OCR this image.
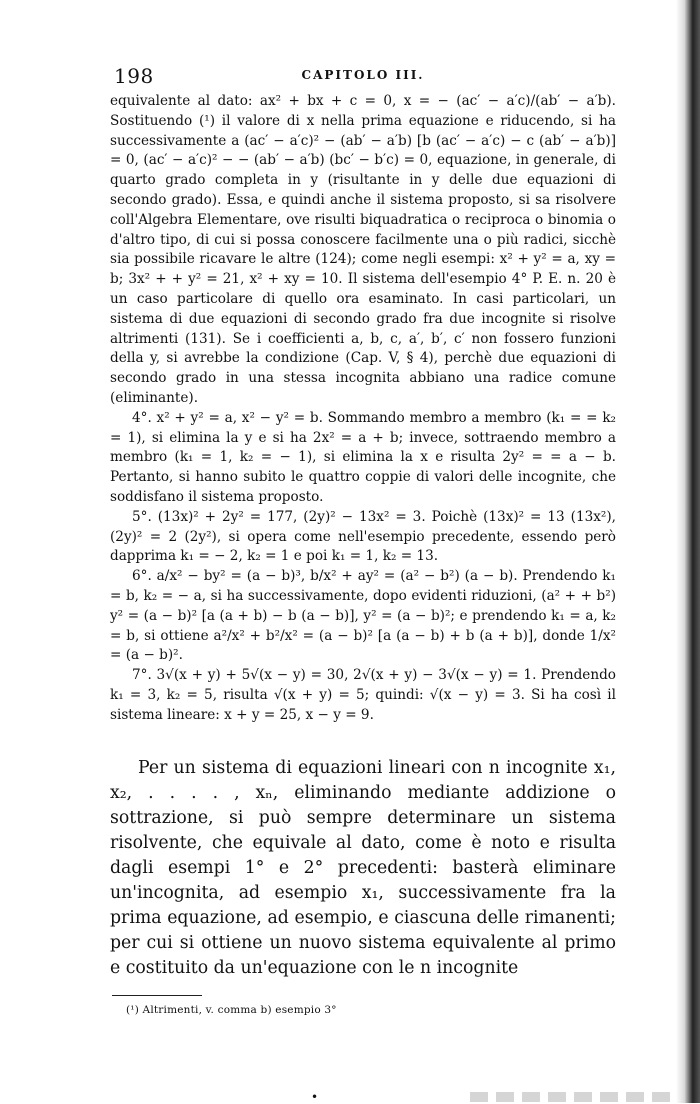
198	CAPITOLO III.

equivalente al dato: ax² + bx + c = 0, x = − (ac′ − a′c)/(ab′ − a′b). Sostituendo (¹) il valore di x nella prima equazione e riducendo, si ha successivamente a (ac′ − a′c)² − (ab′ − a′b) [b (ac′ − a′c) − c (ab′ − a′b)] = 0, (ac′ − a′c)² − − (ab′ − a′b) (bc′ − b′c) = 0, equazione, in generale, di quarto grado completa in y (risultante in y delle due equazioni di secondo grado). Essa, e quindi anche il sistema proposto, si sa risolvere coll'Algebra Elementare, ove risulti biquadratica o reciproca o binomia o d'altro tipo, di cui si possa conoscere facilmente una o più radici, sicchè sia possibile ricavare le altre (124); come negli esempi: x² + y² = a, xy = b; 3x² + + y² = 21, x² + xy = 10. Il sistema dell'esempio 4° P. E. n. 20 è un caso particolare di quello ora esaminato. In casi particolari, un sistema di due equazioni di secondo grado fra due incognite si risolve altrimenti (131). Se i coefficienti a, b, c, a′, b′, c′ non fossero funzioni della y, si avrebbe la condizione (Cap. V, § 4), perchè due equazioni di secondo grado in una stessa incognita abbiano una radice comune (eliminante).

4°. x² + y² = a, x² − y² = b. Sommando membro a membro (k₁ = = k₂ = 1), si elimina la y e si ha 2x² = a + b; invece, sottraendo membro a membro (k₁ = 1, k₂ = − 1), si elimina la x e risulta 2y² = = a − b. Pertanto, si hanno subito le quattro coppie di valori delle incognite, che soddisfano il sistema proposto.

5°. (13x)² + 2y² = 177, (2y)² − 13x² = 3. Poichè (13x)² = 13 (13x²), (2y)² = 2 (2y²), si opera come nell'esempio precedente, essendo però dapprima k₁ = − 2, k₂ = 1 e poi k₁ = 1, k₂ = 13.

6°. a/x² − by² = (a − b)³, b/x² + ay² = (a² − b²) (a − b). Prendendo k₁ = b, k₂ = − a, si ha successivamente, dopo evidenti riduzioni, (a² + + b²) y² = (a − b)² [a (a + b) − b (a − b)], y² = (a − b)²; e prendendo k₁ = a, k₂ = b, si ottiene a²/x² + b²/x² = (a − b)² [a (a − b) + b (a + b)], donde 1/x² = (a − b)².

7°. 3√(x + y) + 5√(x − y) = 30, 2√(x + y) − 3√(x − y) = 1. Prendendo k₁ = 3, k₂ = 5, risulta √(x + y) = 5; quindi: √(x − y) = 3. Si ha così il sistema lineare: x + y = 25, x − y = 9.

Per un sistema di equazioni lineari con n incognite x₁, x₂, . . . . , xₙ, eliminando mediante addizione o sottrazione, si può sempre determinare un sistema risolvente, che equivale al dato, come è noto e risulta dagli esempi 1° e 2° precedenti: basterà eliminare un'incognita, ad esempio x₁, successivamente fra la prima equazione, ad esempio, e ciascuna delle rimanenti; per cui si ottiene un nuovo sistema equivalente al primo e costituito da un'equazione con le n incognite

(¹) Altrimenti, v. comma b) esempio 3°
•
